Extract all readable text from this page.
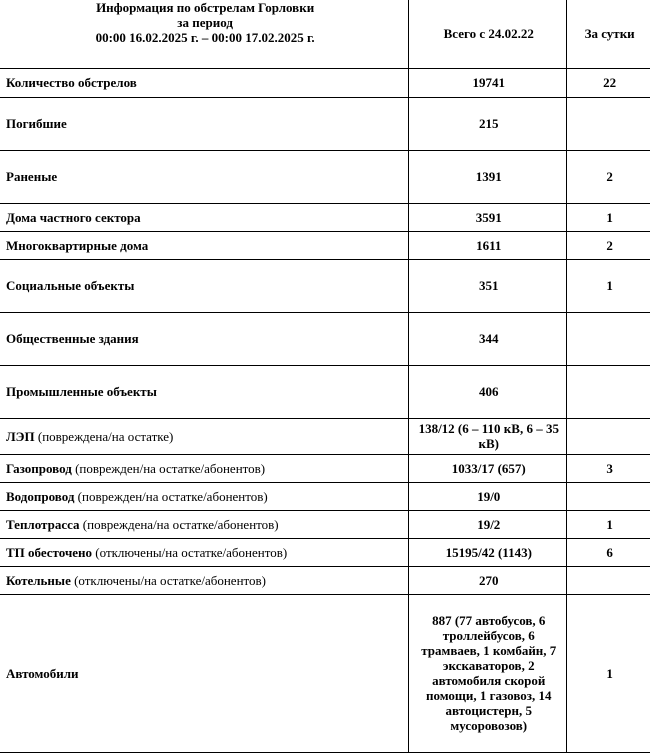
Информация по обстрелам Горловки
за период
00:00 16.02.2025 г. – 00:00 17.02.2025 г.	Всего с 24.02.22	За сутки
Количество обстрелов	19741	22
Погибшие	215	
Раненые	1391	2
Дома частного сектора	3591	1
Многоквартирные дома	1611	2
Социальные объекты	351	1
Общественные здания	344	
Промышленные объекты	406	
ЛЭП (повреждена/на остатке)	138/12 (6 – 110 кВ, 6 – 35 кВ)	
Газопровод (поврежден/на остатке/абонентов)	1033/17 (657)	3
Водопровод (поврежден/на остатке/абонентов)	19/0	
Теплотрасса (повреждена/на остатке/абонентов)	19/2	1
ТП обесточено (отключены/на остатке/абонентов)	15195/42 (1143)	6
Котельные (отключены/на остатке/абонентов)	270	
Автомобили	887 (77 автобусов, 6 троллейбусов, 6 трамваев, 1 комбайн, 7 экскаваторов, 2 автомобиля скорой помощи, 1 газовоз, 14 автоцистерн, 5 мусоровозов)	1
